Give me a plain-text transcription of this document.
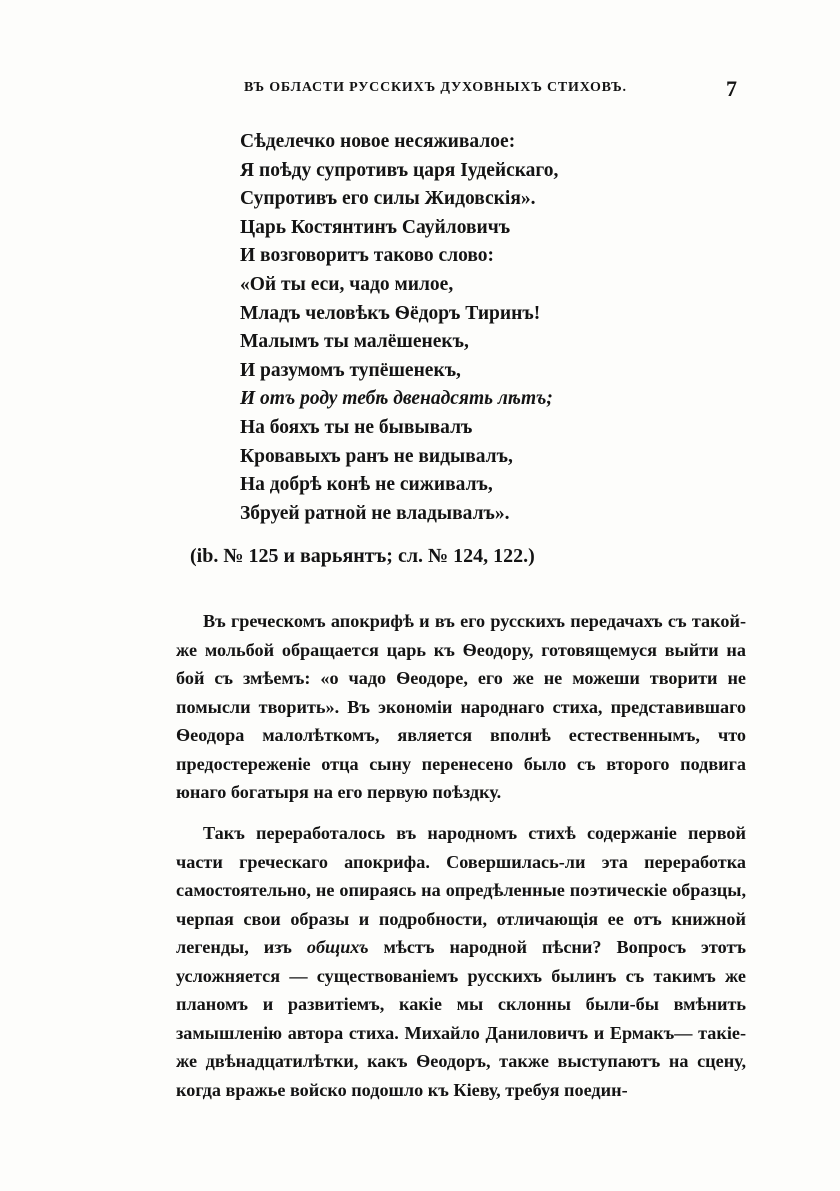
ВЪ ОБЛАСТИ РУССКИХЪ ДУХОВНЫХЪ СТИХОВЪ.	7
Сѣделечко новое несяживалое:
Я поѣду супротивъ царя Іудейскаго,
Супротивъ его силы Жидовскія».
Царь Костянтинъ Сауйловичъ
И возговоритъ таково слово:
«Ой ты еси, чадо милое,
Младъ человѣкъ Ѳёдоръ Тиринъ!
Малымъ ты малёшенекъ,
И разумомъ тупёшенекъ,
И отъ роду тебѣ двенадсять лѣтъ;
На бояхъ ты не бывывалъ
Кровавыхъ ранъ не видывалъ,
На добрѣ конѣ не сиживалъ,
Збруей ратной не владывалъ».
(ib. № 125 и варьянтъ; сл. № 124, 122.)

Въ греческомъ апокрифѣ и въ его русскихъ передачахъ съ такой-же мольбой обращается царь къ Ѳеодору, готовящемуся выйти на бой съ змѣемъ: «о чадо Ѳеодоре, его же не можеши творити не помысли творить». Въ экономіи народнаго стиха, представившаго Ѳеодора малолѣткомъ, является вполнѣ естественнымъ, что предостереженіе отца сыну перенесено было съ второго подвига юнаго богатыря на его первую поѣздку.

Такъ переработалось въ народномъ стихѣ содержаніе первой части греческаго апокрифа. Совершилась-ли эта переработка самостоятельно, не опираясь на опредѣленные поэтическіе образцы, черпая свои образы и подробности, отличающія ее отъ книжной легенды, изъ общихъ мѣстъ народной пѣсни? Вопросъ этотъ усложняется — существованіемъ русскихъ былинъ съ такимъ же планомъ и развитіемъ, какіе мы склонны были-бы вмѣнить замышленію автора стиха. Михайло Даниловичъ и Ермакъ— такіе-же двѣнадцатилѣтки, какъ Ѳеодоръ, также выступаютъ на сцену, когда вражье войско подошло къ Кіеву, требуя поедин-
